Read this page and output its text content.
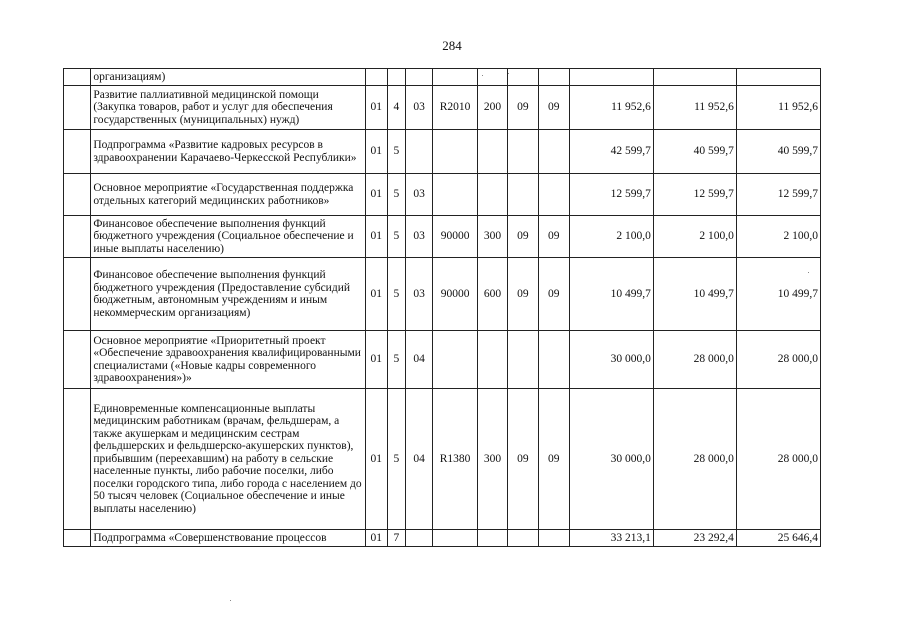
284
	организациям)										
	Развитие паллиативной медицинской помощи (Закупка товаров, работ и услуг для обеспечения государственных (муниципальных) нужд)	01	4	03	R2010	200	09	09	11 952,6	11 952,6	11 952,6
	Подпрограмма «Развитие кадровых ресурсов в здравоохранении Карачаево-Черкесской Республики»	01	5						42 599,7	40 599,7	40 599,7
	Основное мероприятие «Государственная поддержка отдельных категорий медицинских работников»	01	5	03					12 599,7	12 599,7	12 599,7
	Финансовое обеспечение выполнения функций бюджетного учреждения (Социальное обеспечение и иные выплаты населению)	01	5	03	90000	300	09	09	2 100,0	2 100,0	2 100,0
	Финансовое обеспечение выполнения функций бюджетного учреждения (Предоставление субсидий бюджетным, автономным учреждениям и иным некоммерческим организациям)	01	5	03	90000	600	09	09	10 499,7	10 499,7	10 499,7
	Основное мероприятие «Приоритетный проект «Обеспечение здравоохранения квалифицированными специалистами («Новые кадры современного здравоохранения»)»	01	5	04					30 000,0	28 000,0	28 000,0
	Единовременные компенсационные выплаты медицинским работникам (врачам, фельдшерам, а также акушеркам и медицинским сестрам фельдшерских и фельдшерско-акушерских пунктов), прибывшим (переехавшим) на работу в сельские населенные пункты, либо рабочие поселки, либо поселки городского типа, либо города с населением до 50 тысяч человек (Социальное обеспечение и иные выплаты населению)	01	5	04	R1380	300	09	09	30 000,0	28 000,0	28 000,0
	Подпрограмма «Совершенствование процессов	01	7						33 213,1	23 292,4	25 646,4
